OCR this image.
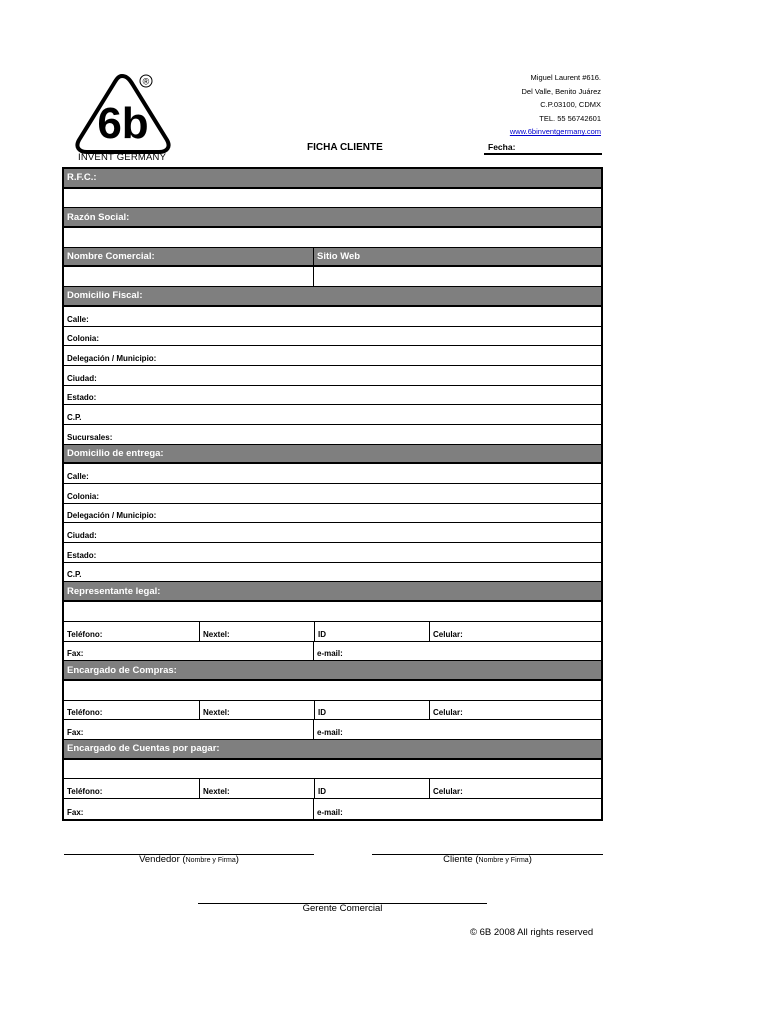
6b
®
INVENT GERMANY
Miguel Laurent #616.
Del Valle, Benito Juárez
C.P.03100, CDMX
TEL. 55 56742601
www.6binventgermany.com
FICHA CLIENTE	Fecha:
R.F.C.:
Razón Social:
Nombre Comercial:	Sitio Web
Domicilio Fiscal:
Calle:
Colonia:
Delegación / Municipio:
Ciudad:
Estado:
C.P.
Sucursales:
Domicilio de entrega:
Calle:
Colonia:
Delegación / Municipio:
Ciudad:
Estado:
C.P.
Representante legal:
Teléfono:	Nextel:	ID	Celular:
Fax:	e-mail:
Encargado de Compras:
Teléfono:	Nextel:	ID	Celular:
Fax:	e-mail:
Encargado de Cuentas por pagar:
Teléfono:	Nextel:	ID	Celular:
Fax:	e-mail:
Vendedor (Nombre y Firma)	Cliente (Nombre y Firma)
Gerente Comercial
© 6B 2008 All rights reserved
